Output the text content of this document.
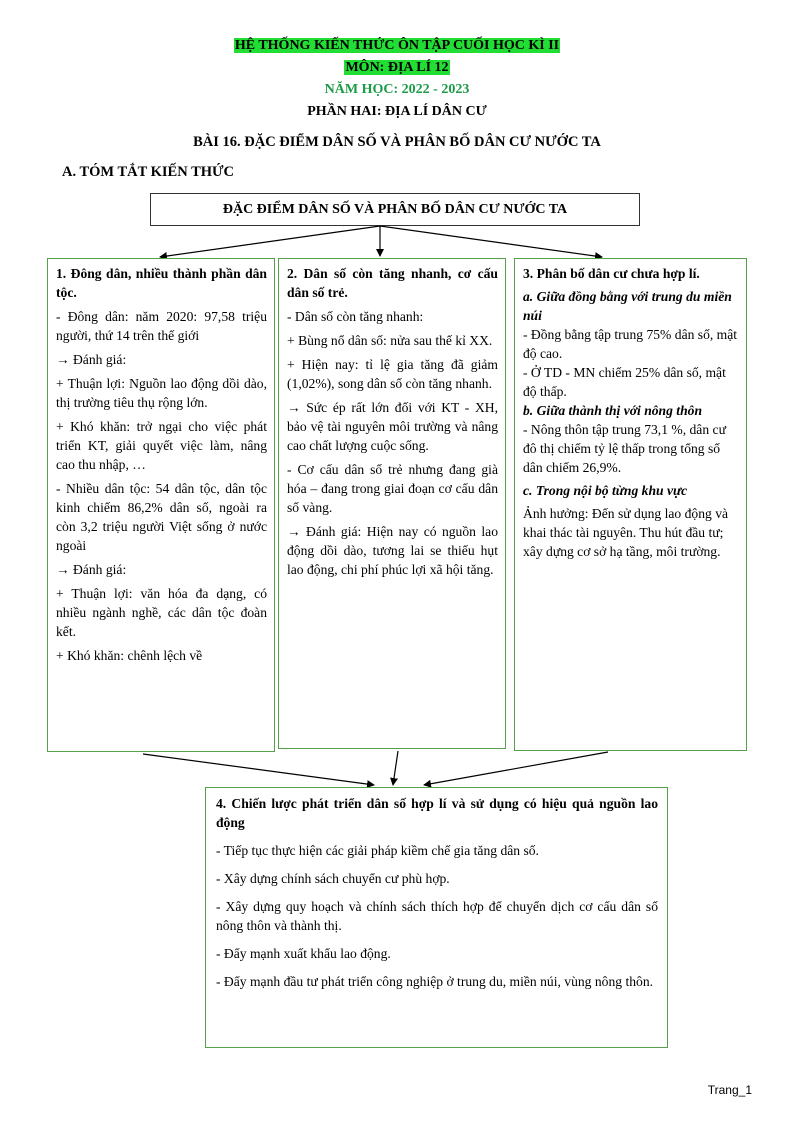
HỆ THỐNG KIẾN THỨC ÔN TẬP CUỐI HỌC KÌ II
MÔN: ĐỊA LÍ 12
NĂM HỌC: 2022 - 2023
PHẦN HAI: ĐỊA LÍ DÂN CƯ
BÀI 16. ĐẶC ĐIỂM DÂN SỐ VÀ PHÂN BỐ DÂN CƯ NƯỚC TA
A. TÓM TẮT KIẾN THỨC
ĐẶC ĐIỂM DÂN SỐ VÀ PHÂN BỐ DÂN CƯ NƯỚC TA

1. Đông dân, nhiều thành phần dân tộc.

- Đông dân: năm 2020: 97,58 triệu người, thứ 14 trên thế giới

→ Đánh giá:

+ Thuận lợi: Nguồn lao động dồi dào, thị trường tiêu thụ rộng lớn.

+ Khó khăn: trở ngại cho việc phát triển KT, giải quyết việc làm, nâng cao thu nhập, …

- Nhiều dân tộc: 54 dân tộc, dân tộc kinh chiếm 86,2% dân số, ngoài ra còn 3,2 triệu người Việt sống ở nước ngoài

→ Đánh giá:

+ Thuận lợi: văn hóa đa dạng, có nhiều ngành nghề, các dân tộc đoàn kết.

+ Khó khăn: chênh lệch về

2. Dân số còn tăng nhanh, cơ cấu dân số trẻ.

- Dân số còn tăng nhanh:

+ Bùng nổ dân số: nửa sau thế kỉ XX.

+ Hiện nay: tỉ lệ gia tăng đã giảm (1,02%), song dân số còn tăng nhanh.

→ Sức ép rất lớn đối với KT - XH, bảo vệ tài nguyên môi trường và nâng cao chất lượng cuộc sống.

- Cơ cấu dân số trẻ nhưng đang già hóa – đang trong giai đoạn cơ cấu dân số vàng.

→ Đánh giá: Hiện nay có nguồn lao động dồi dào, tương lai se thiếu hụt lao động, chi phí phúc lợi xã hội tăng.

3. Phân bố dân cư chưa hợp lí.

a. Giữa đồng bằng với trung du miền núi

- Đồng bằng tập trung 75% dân số, mật độ cao.

- Ở TD - MN chiếm 25% dân số, mật độ thấp.

b. Giữa thành thị với nông thôn

- Nông thôn tập trung 73,1 %, dân cư đô thị chiếm tỷ lệ thấp trong tổng số dân chiếm 26,9%.

c. Trong nội bộ từng khu vực

Ảnh hưởng: Đến sử dụng lao động và khai thác tài nguyên. Thu hút đầu tư; xây dựng cơ sở hạ tầng, môi trường.

4. Chiến lược phát triển dân số hợp lí và sử dụng có hiệu quả nguồn lao động

- Tiếp tục thực hiện các giải pháp kiềm chế gia tăng dân số.

- Xây dựng chính sách chuyển cư phù hợp.

- Xây dựng quy hoạch và chính sách thích hợp để chuyển dịch cơ cấu dân số nông thôn và thành thị.

- Đẩy mạnh xuất khẩu lao động.

- Đẩy mạnh đầu tư phát triển công nghiệp ở trung du, miền núi, vùng nông thôn.

Trang_1
